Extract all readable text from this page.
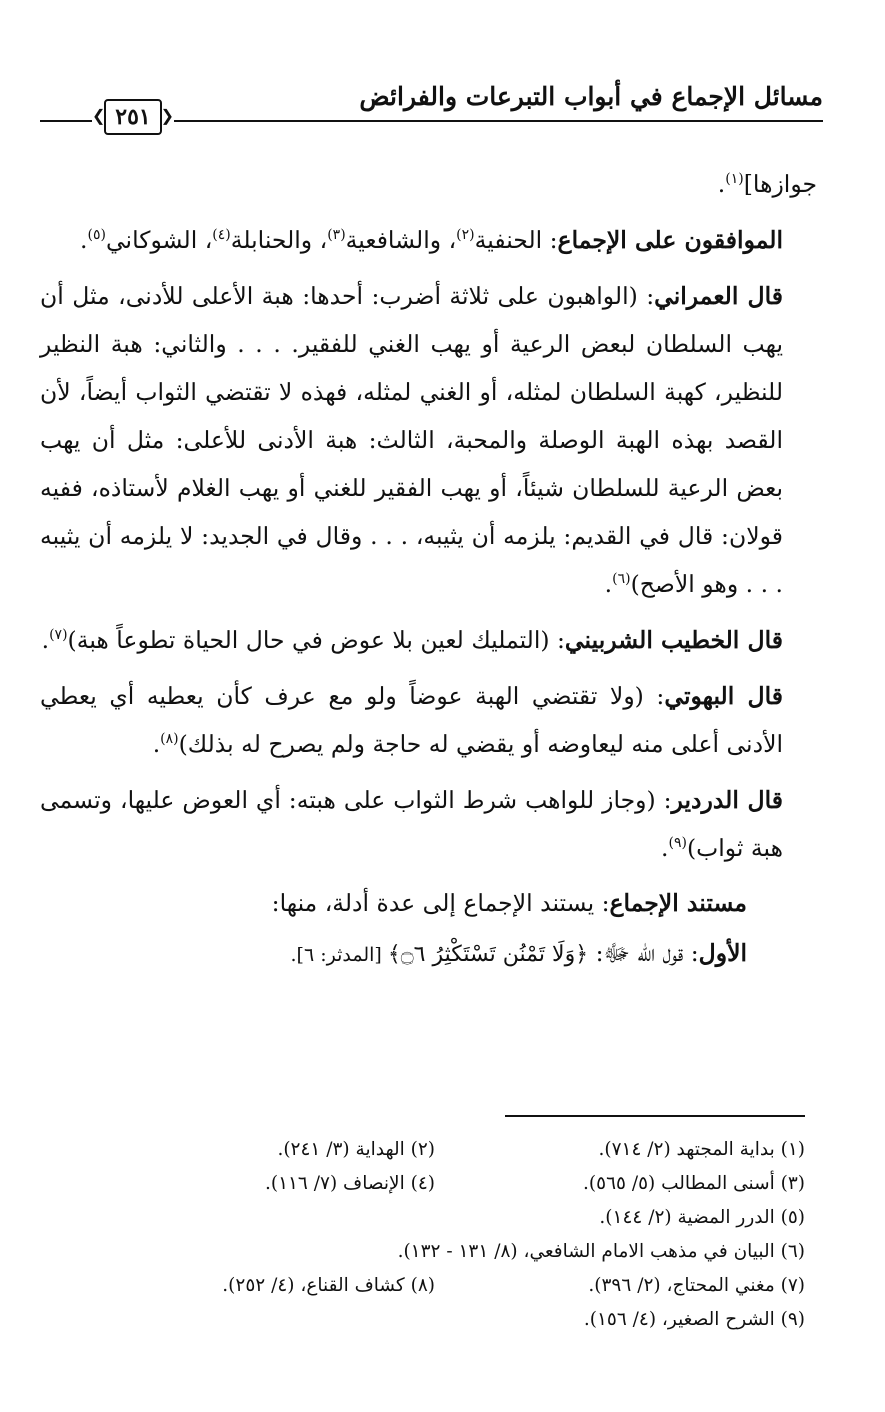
مسائل الإجماع في أبواب التبرعات والفرائض
❮
٢٥١
❯

جوازها]$^{(١)}$.

الموافقون على الإجماع: الحنفية$^{(٢)}$، والشافعية$^{(٣)}$، والحنابلة$^{(٤)}$، الشوكاني$^{(٥)}$.

قال العمراني: (الواهبون على ثلاثة أضرب: أحدها: هبة الأعلى للأدنى، مثل أن يهب السلطان لبعض الرعية أو يهب الغني للفقير. . . . والثاني: هبة النظير للنظير، كهبة السلطان لمثله، أو الغني لمثله، فهذه لا تقتضي الثواب أيضاً، لأن القصد بهذه الهبة الوصلة والمحبة، الثالث: هبة الأدنى للأعلى: مثل أن يهب بعض الرعية للسلطان شيئاً، أو يهب الفقير للغني أو يهب الغلام لأستاذه، ففيه قولان: قال في القديم: يلزمه أن يثيبه، . . . وقال في الجديد: لا يلزمه أن يثيبه . . . وهو الأصح)$^{(٦)}$.

قال الخطيب الشربيني: (التمليك لعين بلا عوض في حال الحياة تطوعاً هبة)$^{(٧)}$.

قال البهوتي: (ولا تقتضي الهبة عوضاً ولو مع عرف كأن يعطيه أي يعطي الأدنى أعلى منه ليعاوضه أو يقضي له حاجة ولم يصرح له بذلك)$^{(٨)}$.

قال الدردير: (وجاز للواهب شرط الثواب على هبته: أي العوض عليها، وتسمى هبة ثواب)$^{(٩)}$.

مستند الإجماع: يستند الإجماع إلى عدة أدلة، منها:

الأول: قول الله ﷻ: ﴿وَلَا تَمْنُن تَسْتَكْثِرُ ۝٦﴾ [المدثر: ٦].

(١) بداية المجتهد (٢/ ٧١٤).
(٢) الهداية (٣/ ٢٤١).
(٣) أسنى المطالب (٥/ ٥٦٥).
(٤) الإنصاف (٧/ ١١٦).
(٥) الدرر المضية (٢/ ١٤٤).
(٦) البيان في مذهب الامام الشافعي، (٨/ ١٣١ - ١٣٢).
(٧) مغني المحتاج، (٢/ ٣٩٦).
(٨) كشاف القناع، (٤/ ٢٥٢).
(٩) الشرح الصغير، (٤/ ١٥٦).
